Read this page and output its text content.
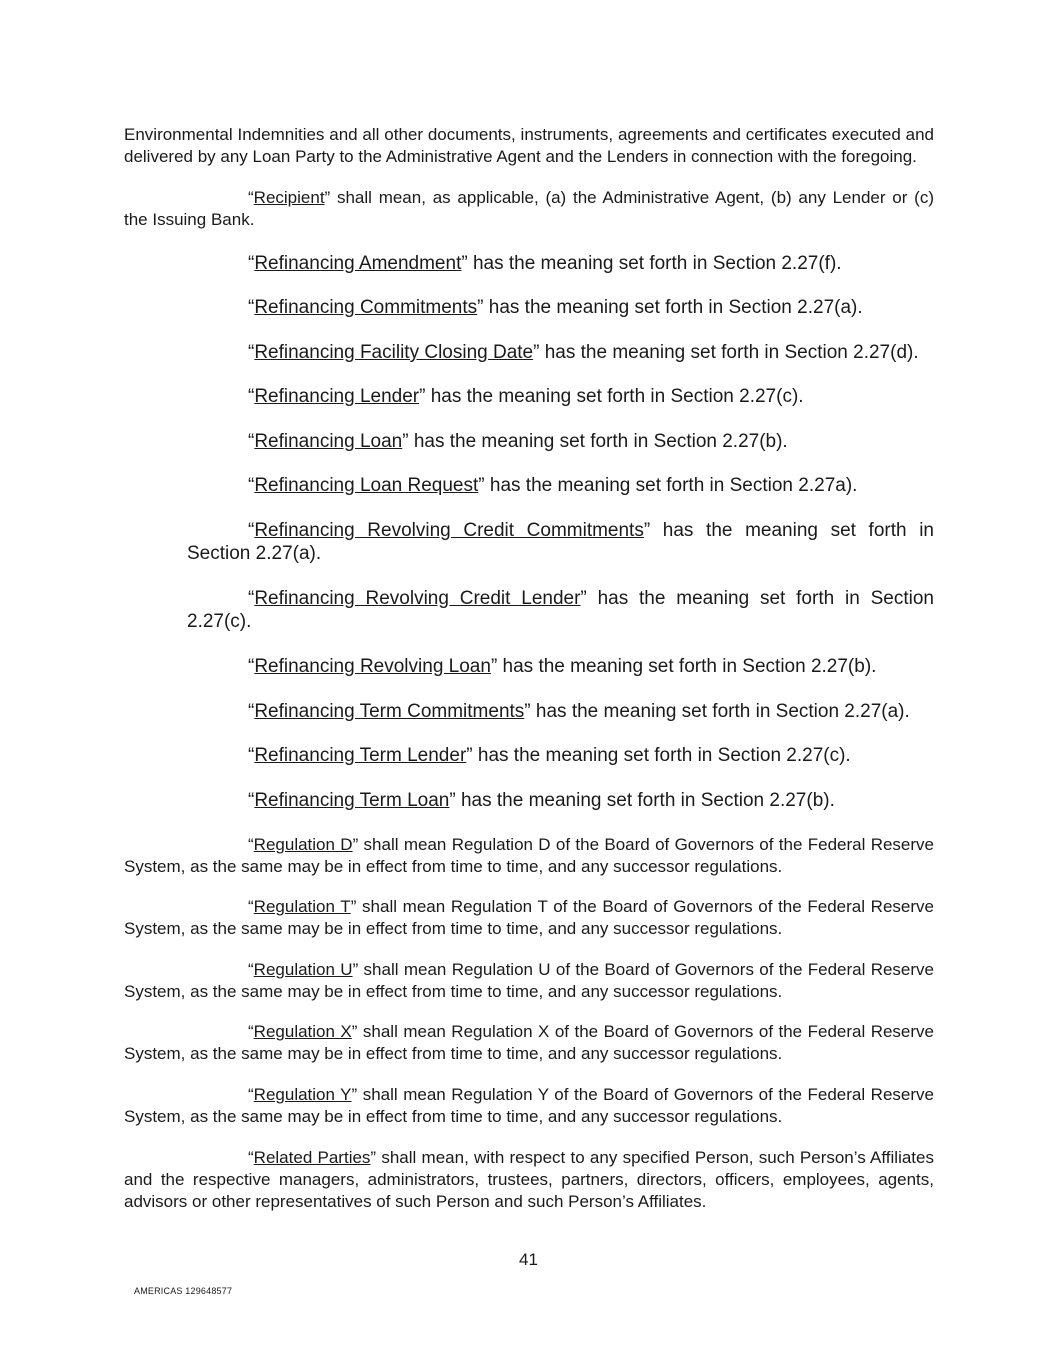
Environmental Indemnities and all other documents, instruments, agreements and certificates executed and delivered by any Loan Party to the Administrative Agent and the Lenders in connection with the foregoing.

“Recipient” shall mean, as applicable, (a) the Administrative Agent, (b) any Lender or (c) the Issuing Bank.

“Refinancing Amendment” has the meaning set forth in Section 2.27(f).

“Refinancing Commitments” has the meaning set forth in Section 2.27(a).

“Refinancing Facility Closing Date” has the meaning set forth in Section 2.27(d).

“Refinancing Lender” has the meaning set forth in Section 2.27(c).

“Refinancing Loan” has the meaning set forth in Section 2.27(b).

“Refinancing Loan Request” has the meaning set forth in Section 2.27a).

“Refinancing Revolving Credit Commitments” has the meaning set forth in Section 2.27(a).

“Refinancing Revolving Credit Lender” has the meaning set forth in Section 2.27(c).

“Refinancing Revolving Loan” has the meaning set forth in Section 2.27(b).

“Refinancing Term Commitments” has the meaning set forth in Section 2.27(a).

“Refinancing Term Lender” has the meaning set forth in Section 2.27(c).

“Refinancing Term Loan” has the meaning set forth in Section 2.27(b).

“Regulation D” shall mean Regulation D of the Board of Governors of the Federal Reserve System, as the same may be in effect from time to time, and any successor regulations.

“Regulation T” shall mean Regulation T of the Board of Governors of the Federal Reserve System, as the same may be in effect from time to time, and any successor regulations.

“Regulation U” shall mean Regulation U of the Board of Governors of the Federal Reserve System, as the same may be in effect from time to time, and any successor regulations.

“Regulation X” shall mean Regulation X of the Board of Governors of the Federal Reserve System, as the same may be in effect from time to time, and any successor regulations.

“Regulation Y” shall mean Regulation Y of the Board of Governors of the Federal Reserve System, as the same may be in effect from time to time, and any successor regulations.

“Related Parties” shall mean, with respect to any specified Person, such Person’s Affiliates and the respective managers, administrators, trustees, partners, directors, officers, employees, agents, advisors or other representatives of such Person and such Person’s Affiliates.

41
AMERICAS 129648577
